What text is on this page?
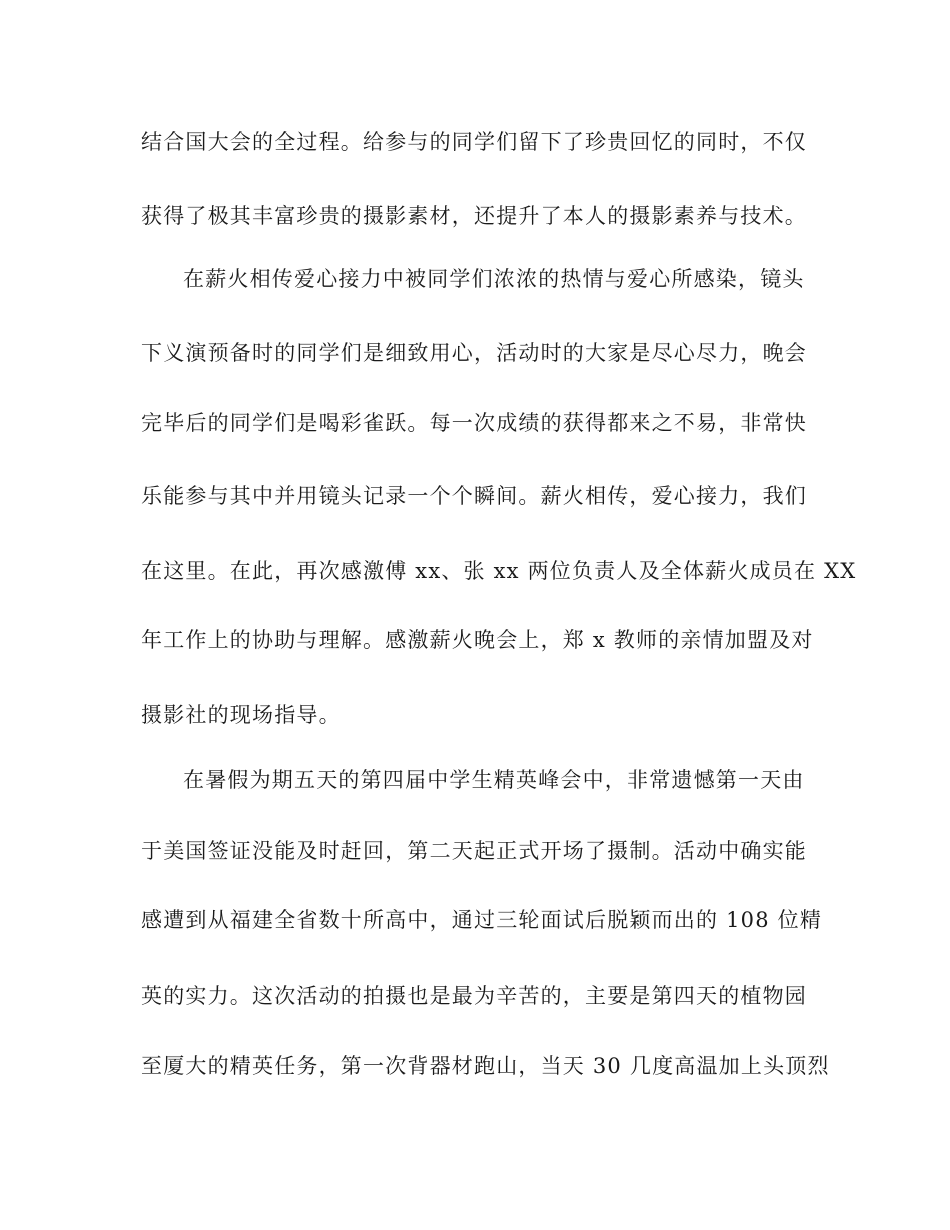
结合国大会的全过程。给参与的同学们留下了珍贵回忆的同时，不仅
获得了极其丰富珍贵的摄影素材，还提升了本人的摄影素养与技术。
在薪火相传爱心接力中被同学们浓浓的热情与爱心所感染，镜头
下义演预备时的同学们是细致用心，活动时的大家是尽心尽力，晚会
完毕后的同学们是喝彩雀跃。每一次成绩的获得都来之不易，非常快
乐能参与其中并用镜头记录一个个瞬间。薪火相传，爱心接力，我们
在这里。在此，再次感激傅 xx、张 xx 两位负责人及全体薪火成员在 XX
年工作上的协助与理解。感激薪火晚会上，郑 x 教师的亲情加盟及对
摄影社的现场指导。
在暑假为期五天的第四届中学生精英峰会中，非常遗憾第一天由
于美国签证没能及时赶回，第二天起正式开场了摄制。活动中确实能
感遭到从福建全省数十所高中，通过三轮面试后脱颖而出的 108 位精
英的实力。这次活动的拍摄也是最为辛苦的，主要是第四天的植物园
至厦大的精英任务，第一次背器材跑山，当天 30 几度高温加上头顶烈
